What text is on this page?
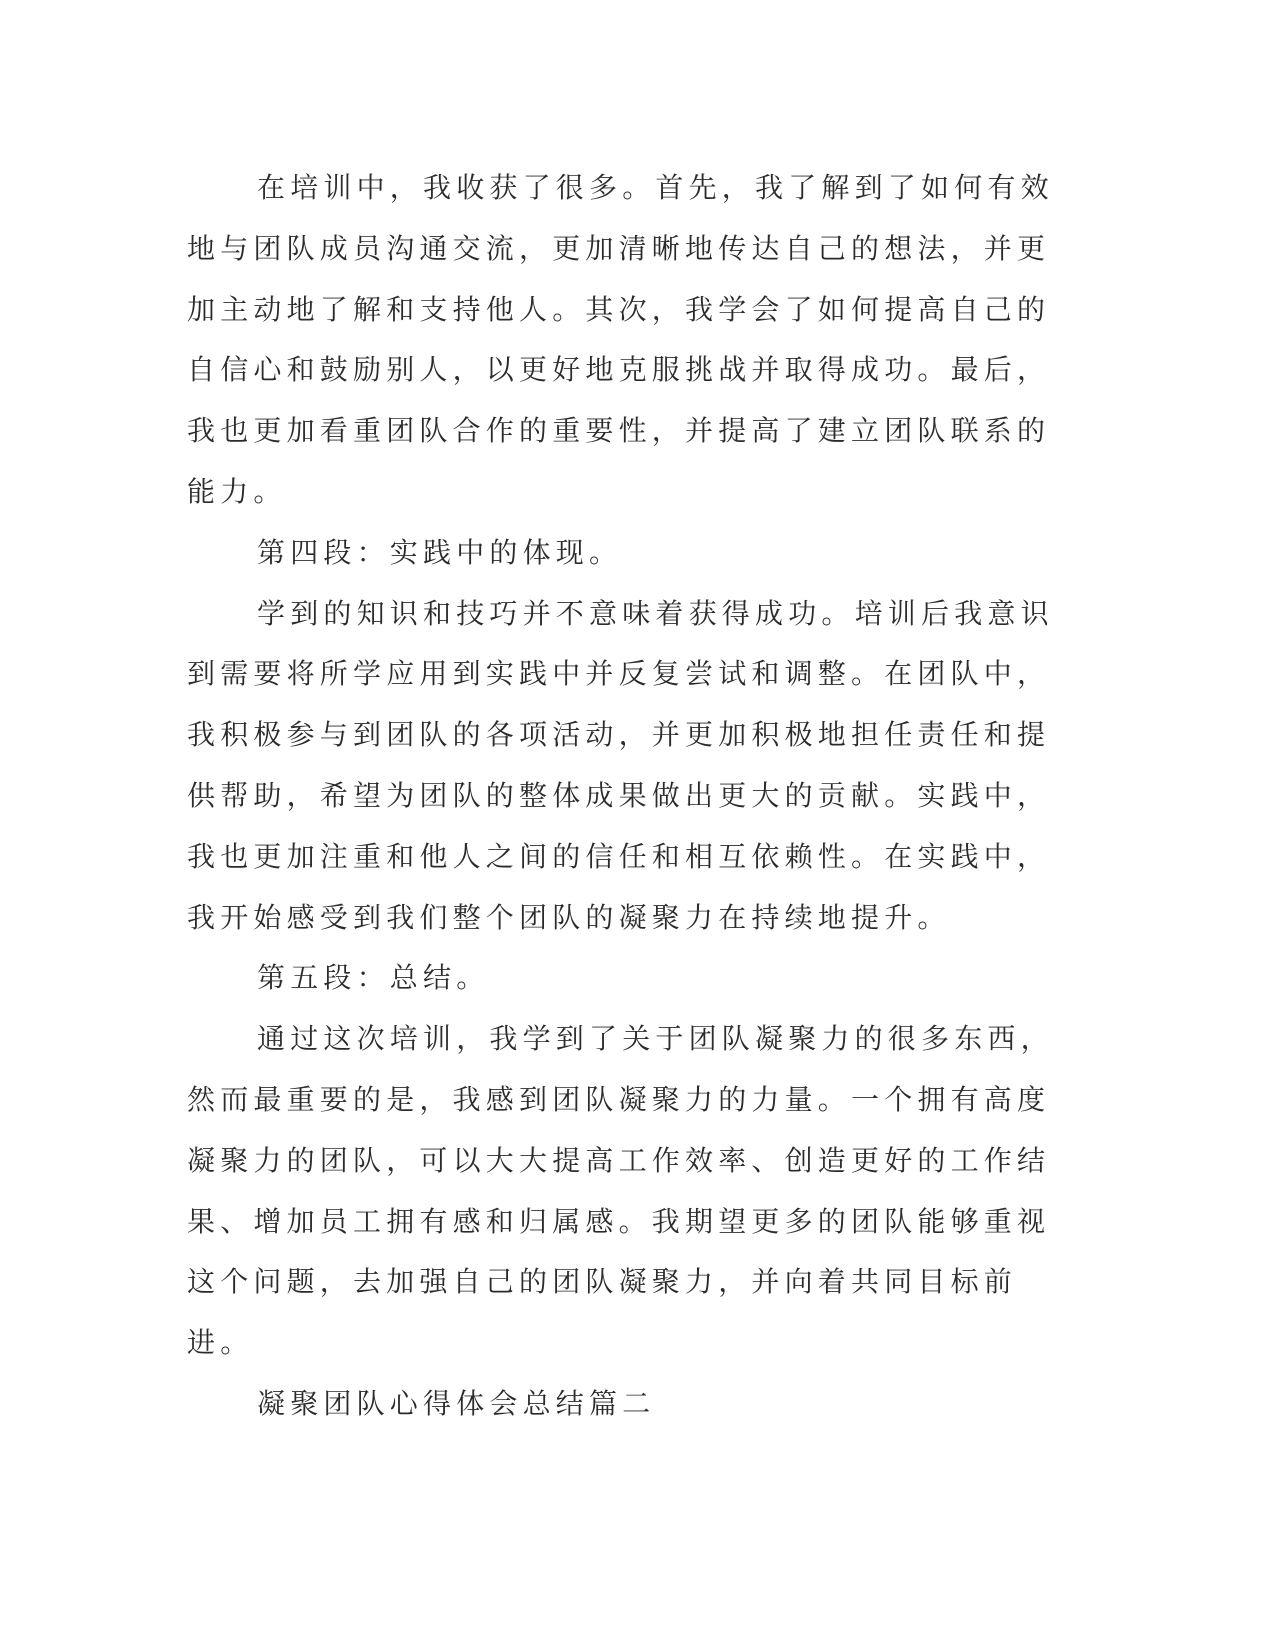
在培训中，我收获了很多。首先，我了解到了如何有效地与团队成员沟通交流，更加清晰地传达自己的想法，并更加主动地了解和支持他人。其次，我学会了如何提高自己的自信心和鼓励别人，以更好地克服挑战并取得成功。最后，我也更加看重团队合作的重要性，并提高了建立团队联系的能力。

第四段：实践中的体现。

学到的知识和技巧并不意味着获得成功。培训后我意识到需要将所学应用到实践中并反复尝试和调整。在团队中，我积极参与到团队的各项活动，并更加积极地担任责任和提供帮助，希望为团队的整体成果做出更大的贡献。实践中，我也更加注重和他人之间的信任和相互依赖性。在实践中，我开始感受到我们整个团队的凝聚力在持续地提升。

第五段：总结。

通过这次培训，我学到了关于团队凝聚力的很多东西，然而最重要的是，我感到团队凝聚力的力量。一个拥有高度凝聚力的团队，可以大大提高工作效率、创造更好的工作结果、增加员工拥有感和归属感。我期望更多的团队能够重视这个问题，去加强自己的团队凝聚力，并向着共同目标前进。

凝聚团队心得体会总结篇二
